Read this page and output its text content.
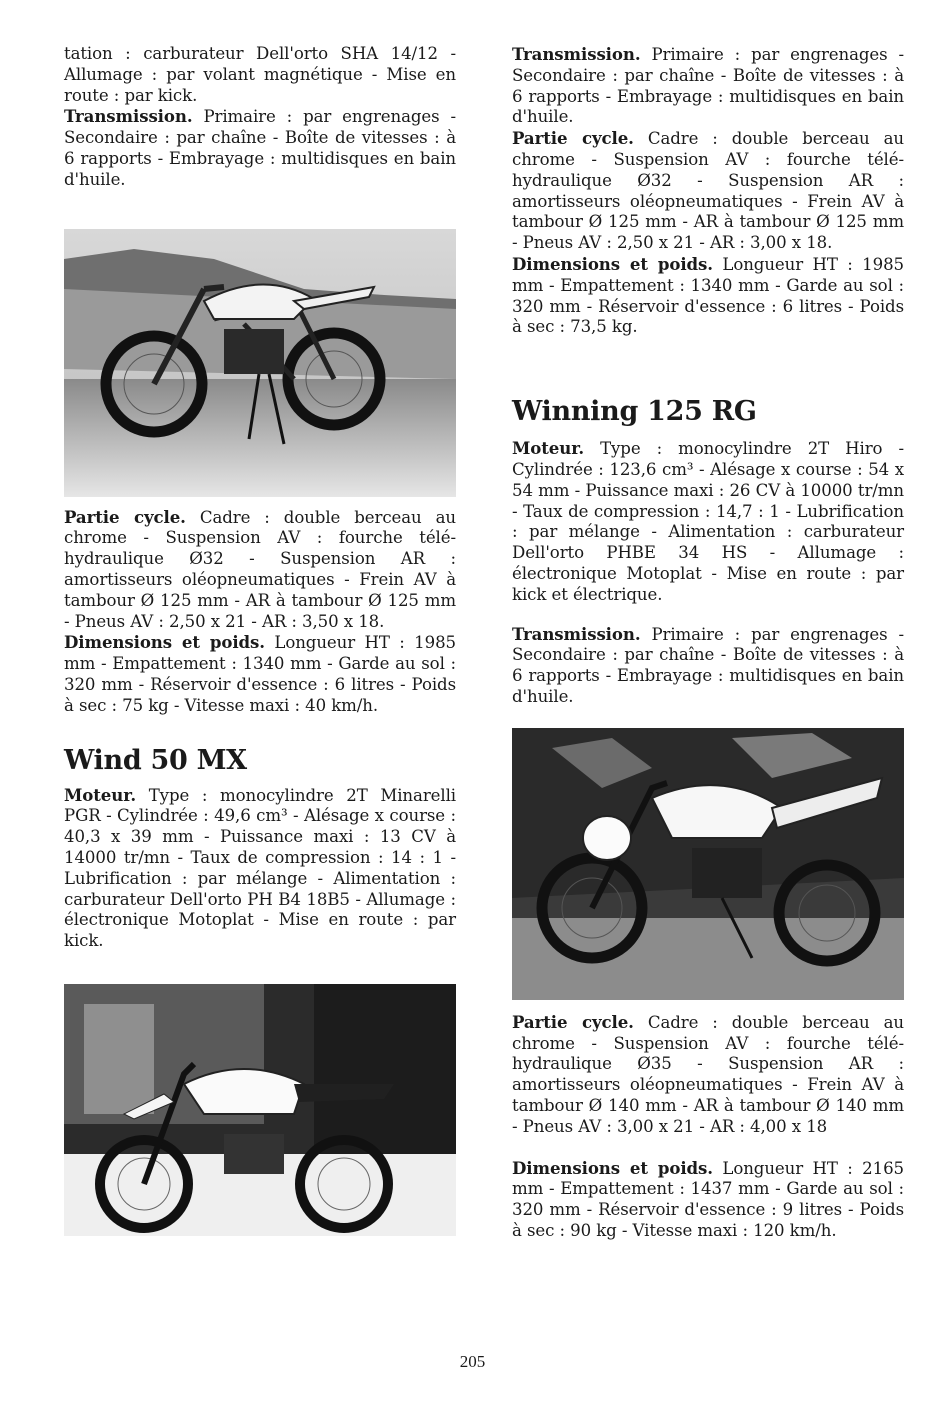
tation : carburateur Dell'orto SHA 14/12 - Allumage : par volant magnétique - Mise en route : par kick.

Transmission. Primaire : par engrenages - Secondaire : par chaîne - Boîte de vitesses : à 6 rapports - Embrayage : multidisques en bain d'huile.

Partie cycle. Cadre : double berceau au chrome - Suspension AV : fourche télé-hydraulique Ø32 - Suspension AR : amortisseurs oléopneumatiques - Frein AV à tambour Ø 125 mm - AR à tambour Ø 125 mm - Pneus AV : 2,50 x 21 - AR : 3,50 x 18.

Dimensions et poids. Longueur HT : 1985 mm - Empattement : 1340 mm - Garde au sol : 320 mm - Réservoir d'essence : 6 litres - Poids à sec : 75 kg - Vitesse maxi : 40 km/h.

Wind 50 MX

Moteur. Type : monocylindre 2T Minarelli PGR - Cylindrée : 49,6 cm³ - Alésage x course : 40,3 x 39 mm - Puissance maxi : 13 CV à 14000 tr/mn - Taux de compression : 14 : 1 - Lubrification : par mélange - Alimentation : carburateur Dell'orto PH B4 18B5 - Allumage : électronique Motoplat - Mise en route : par kick.

Transmission. Primaire : par engrenages - Secondaire : par chaîne - Boîte de vitesses : à 6 rapports - Embrayage : multidisques en bain d'huile.

Partie cycle. Cadre : double berceau au chrome - Suspension AV : fourche télé-hydraulique Ø32 - Suspension AR : amortisseurs oléopneumatiques - Frein AV à tambour Ø 125 mm - AR à tambour Ø 125 mm - Pneus AV : 2,50 x 21 - AR : 3,00 x 18.

Dimensions et poids. Longueur HT : 1985 mm - Empattement : 1340 mm - Garde au sol : 320 mm - Réservoir d'essence : 6 litres - Poids à sec : 73,5 kg.

Winning 125 RG

Moteur. Type : monocylindre 2T Hiro - Cylindrée : 123,6 cm³ - Alésage x course : 54 x 54 mm - Puissance maxi : 26 CV à 10000 tr/mn - Taux de compression : 14,7 : 1 - Lubrification : par mélange - Alimentation : carburateur Dell'orto PHBE 34 HS - Allumage : électronique Motoplat - Mise en route : par kick et électrique.

Transmission. Primaire : par engrenages - Secondaire : par chaîne - Boîte de vitesses : à 6 rapports - Embrayage : multidisques en bain d'huile.

Partie cycle. Cadre : double berceau au chrome - Suspension AV : fourche télé-hydraulique Ø35 - Suspension AR : amortisseurs oléopneumatiques - Frein AV à tambour Ø 140 mm - AR à tambour Ø 140 mm - Pneus AV : 3,00 x 21 - AR : 4,00 x 18

Dimensions et poids. Longueur HT : 2165 mm - Empattement : 1437 mm - Garde au sol : 320 mm - Réservoir d'essence : 9 litres - Poids à sec : 90 kg - Vitesse maxi : 120 km/h.

205
